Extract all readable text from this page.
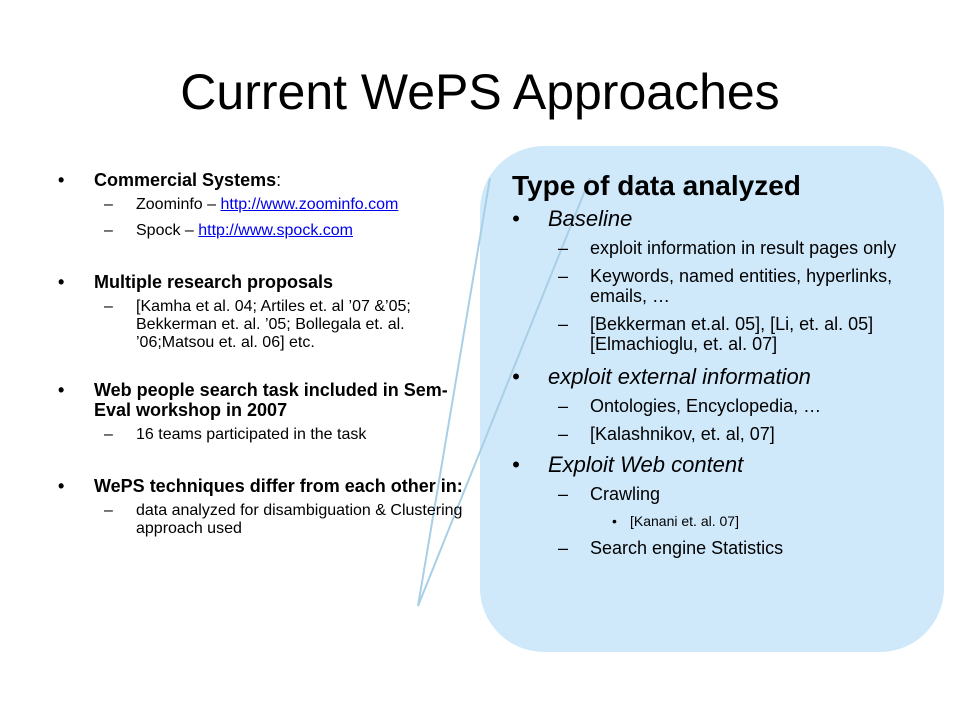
Current WePS Approaches
• Commercial Systems:
– Zoominfo – http://www.zoominfo.com
– Spock – http://www.spock.com
• Multiple research proposals
– [Kamha et al. 04; Artiles et. al ’07 &’05; Bekkerman et. al. ’05; Bollegala et. al. ’06;Matsou et. al. 06] etc.
• Web people search task included in Sem-Eval workshop in 2007
– 16 teams participated in the task
• WePS techniques differ from each other in:
– data analyzed for disambiguation & Clustering approach used
Type of data analyzed
• Baseline
– exploit information in result pages only
– Keywords, named entities, hyperlinks, emails, …
– [Bekkerman et.al. 05], [Li, et. al. 05][Elmachioglu, et. al. 07]
• exploit external information
– Ontologies, Encyclopedia, …
– [Kalashnikov, et. al, 07]
• Exploit Web content
– Crawling
• [Kanani et. al. 07]
– Search engine Statistics
